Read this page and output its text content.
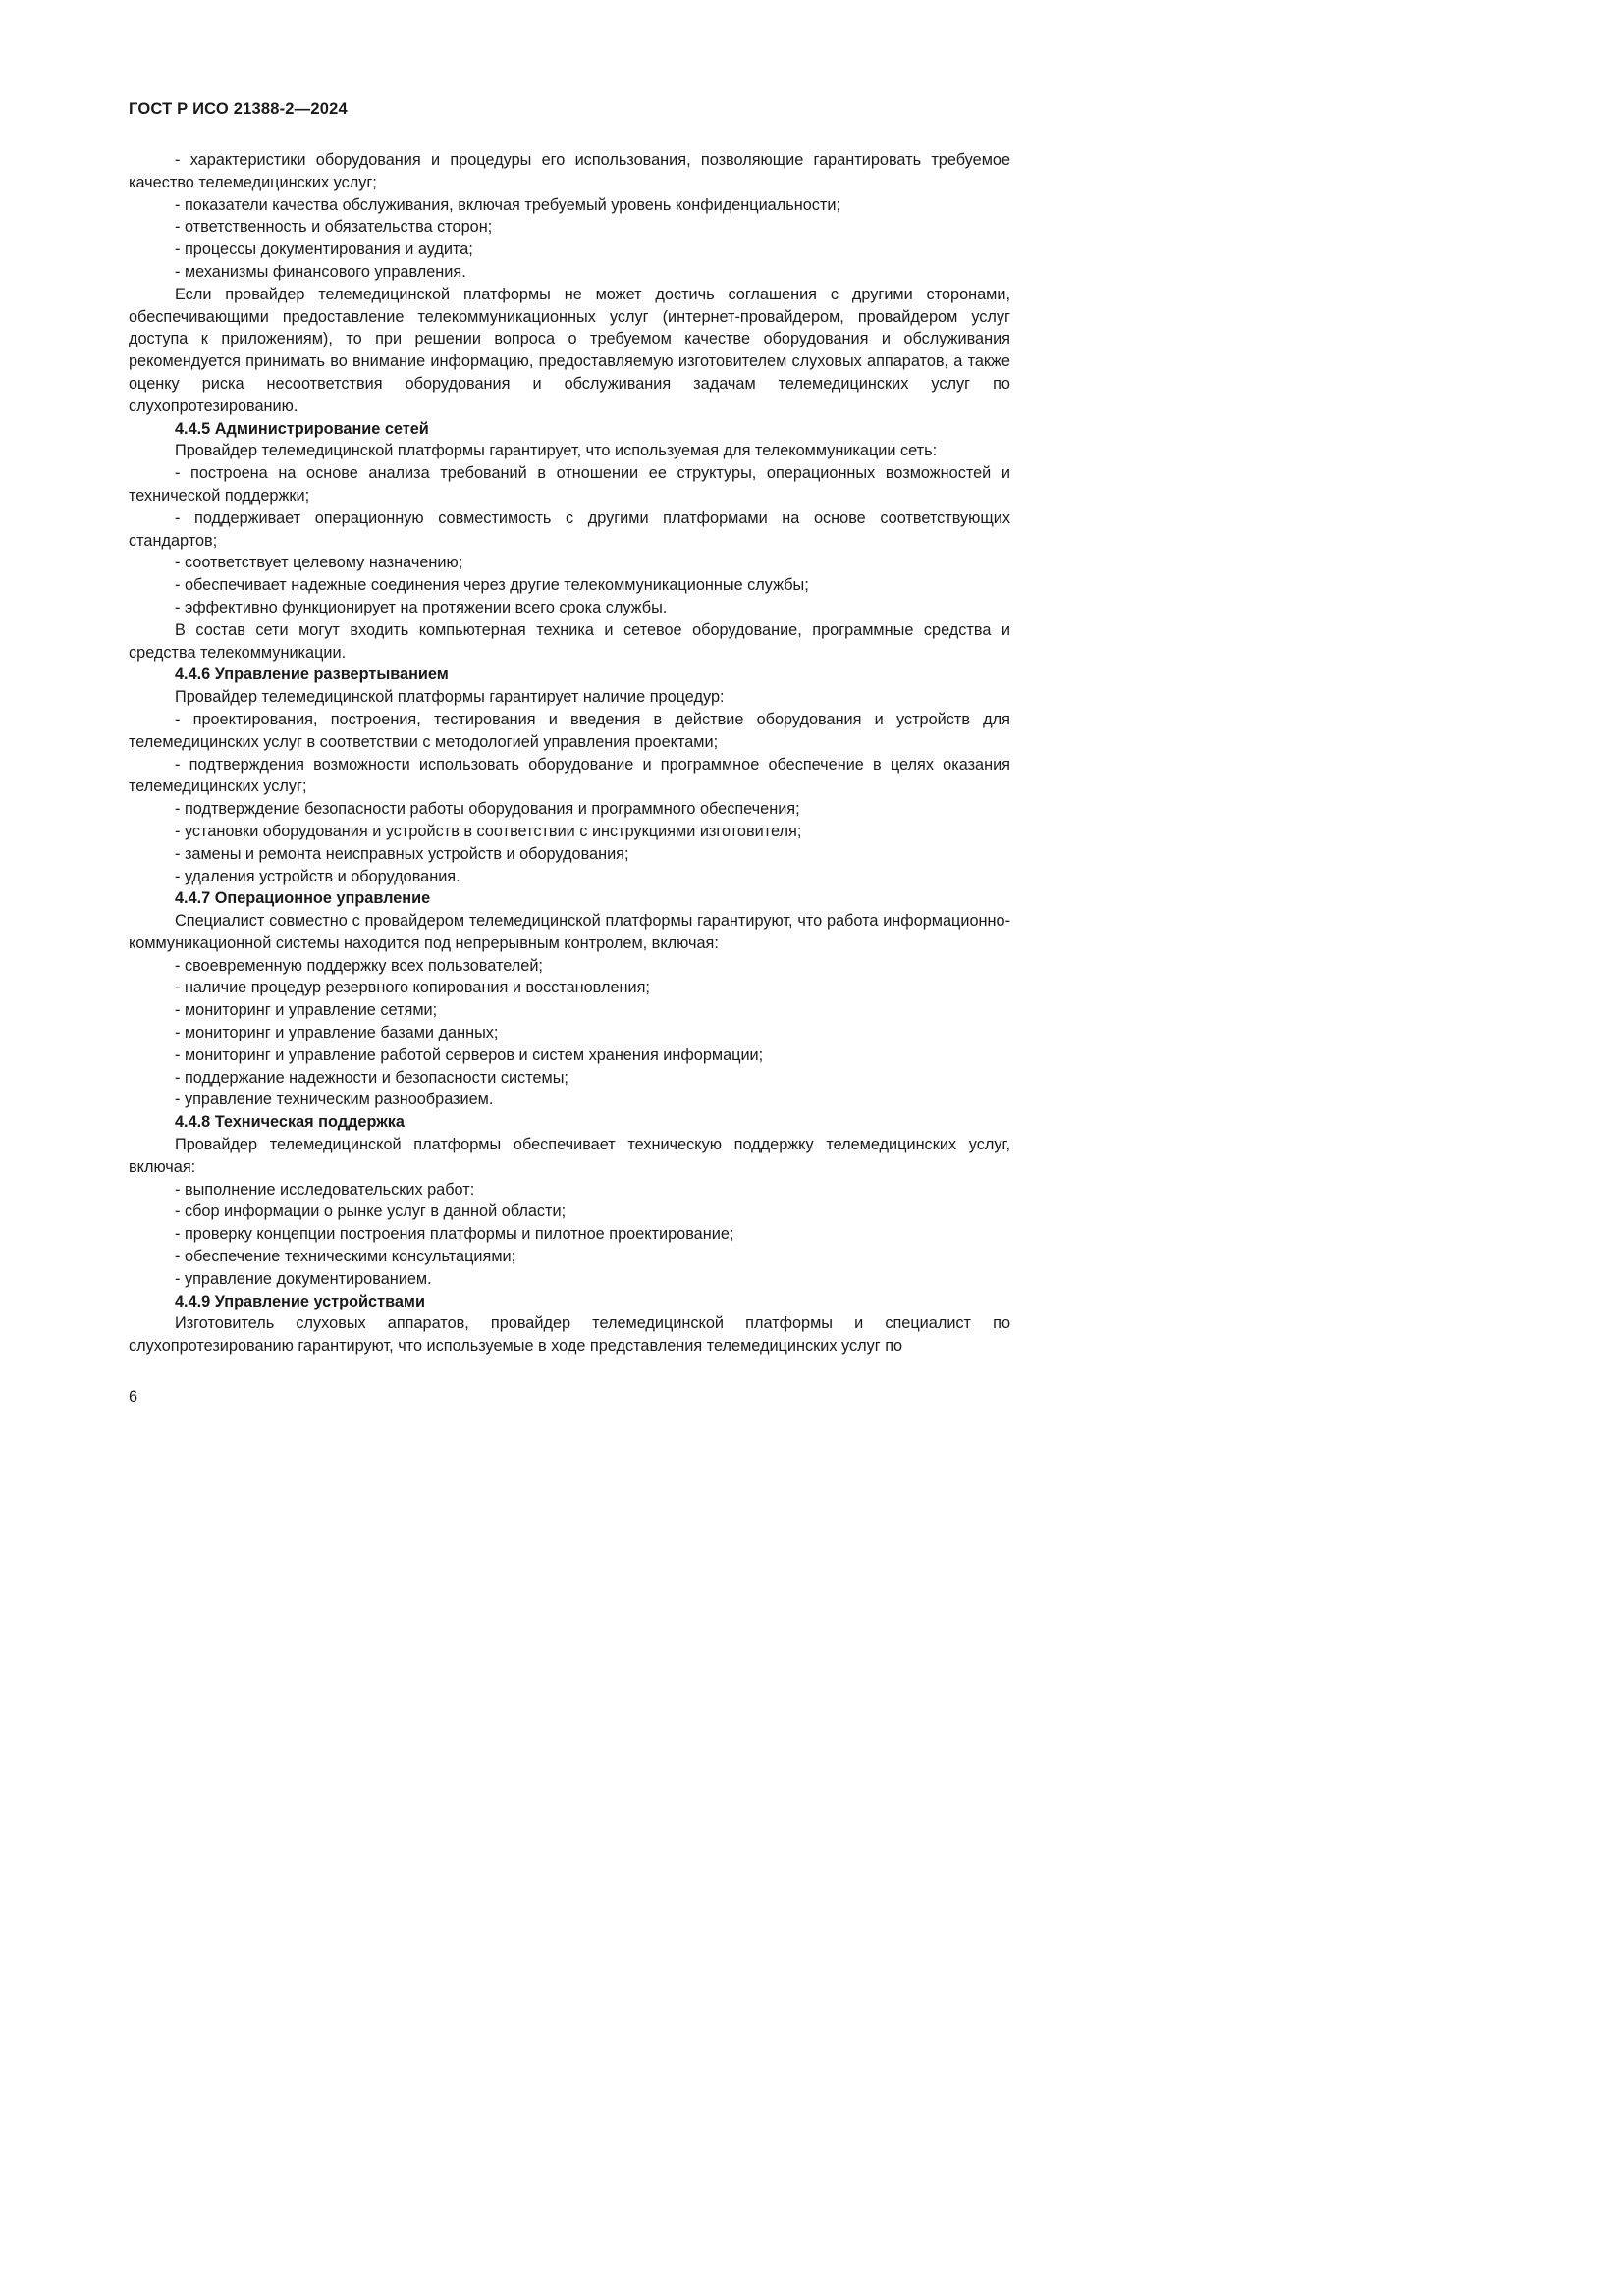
ГОСТ Р ИСО 21388-2—2024
- характеристики оборудования и процедуры его использования, позволяющие гарантировать требуемое качество телемедицинских услуг;
- показатели качества обслуживания, включая требуемый уровень конфиденциальности;
- ответственность и обязательства сторон;
- процессы документирования и аудита;
- механизмы финансового управления.
Если провайдер телемедицинской платформы не может достичь соглашения с другими сторонами, обеспечивающими предоставление телекоммуникационных услуг (интернет-провайдером, провайдером услуг доступа к приложениям), то при решении вопроса о требуемом качестве оборудования и обслуживания рекомендуется принимать во внимание информацию, предоставляемую изготовителем слуховых аппаратов, а также оценку риска несоответствия оборудования и обслуживания задачам телемедицинских услуг по слухопротезированию.
4.4.5 Администрирование сетей
Провайдер телемедицинской платформы гарантирует, что используемая для телекоммуникации сеть:
- построена на основе анализа требований в отношении ее структуры, операционных возможностей и технической поддержки;
- поддерживает операционную совместимость с другими платформами на основе соответствующих стандартов;
- соответствует целевому назначению;
- обеспечивает надежные соединения через другие телекоммуникационные службы;
- эффективно функционирует на протяжении всего срока службы.
В состав сети могут входить компьютерная техника и сетевое оборудование, программные средства и средства телекоммуникации.
4.4.6 Управление развертыванием
Провайдер телемедицинской платформы гарантирует наличие процедур:
- проектирования, построения, тестирования и введения в действие оборудования и устройств для телемедицинских услуг в соответствии с методологией управления проектами;
- подтверждения возможности использовать оборудование и программное обеспечение в целях оказания телемедицинских услуг;
- подтверждение безопасности работы оборудования и программного обеспечения;
- установки оборудования и устройств в соответствии с инструкциями изготовителя;
- замены и ремонта неисправных устройств и оборудования;
- удаления устройств и оборудования.
4.4.7 Операционное управление
Специалист совместно с провайдером телемедицинской платформы гарантируют, что работа информационно-коммуникационной системы находится под непрерывным контролем, включая:
- своевременную поддержку всех пользователей;
- наличие процедур резервного копирования и восстановления;
- мониторинг и управление сетями;
- мониторинг и управление базами данных;
- мониторинг и управление работой серверов и систем хранения информации;
- поддержание надежности и безопасности системы;
- управление техническим разнообразием.
4.4.8 Техническая поддержка
Провайдер телемедицинской платформы обеспечивает техническую поддержку телемедицинских услуг, включая:
- выполнение исследовательских работ:
- сбор информации о рынке услуг в данной области;
- проверку концепции построения платформы и пилотное проектирование;
- обеспечение техническими консультациями;
- управление документированием.
4.4.9 Управление устройствами
Изготовитель слуховых аппаратов, провайдер телемедицинской платформы и специалист по слухопротезированию гарантируют, что используемые в ходе представления телемедицинских услуг по
6
